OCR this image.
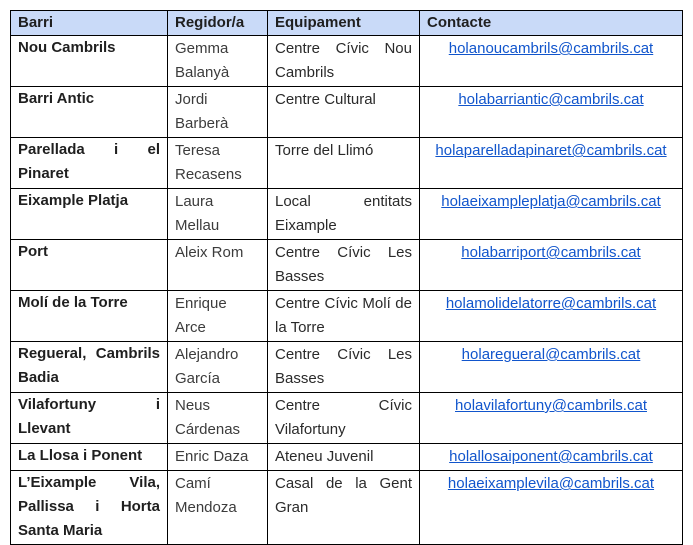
Barri	Regidor/a	Equipament	Contacte
Nou Cambrils	Gemma Balanyà	Centre Cívic Nou Cambrils	holanoucambrils@cambrils.cat
Barri Antic	Jordi Barberà	Centre Cultural	holabarriantic@cambrils.cat
Parellada i el Pinaret	Teresa Recasens	Torre del Llimó	holaparelladapinaret@cambrils.cat
Eixample Platja	Laura Mellau	Local entitats Eixample	holaeixampleplatja@cambrils.cat
Port	Aleix Rom	Centre Cívic Les Basses	holabarriport@cambrils.cat
Molí de la Torre	Enrique Arce	Centre Cívic Molí de la Torre	holamolidelatorre@cambrils.cat
Regueral, Cambrils Badia	Alejandro García	Centre Cívic Les Basses	holaregueral@cambrils.cat
Vilafortuny i Llevant	Neus Cárdenas	Centre Cívic Vilafortuny	holavilafortuny@cambrils.cat
La Llosa i Ponent	Enric Daza	Ateneu Juvenil	holallosaiponent@cambrils.cat
L’Eixample Vila, Pallissa i Horta Santa Maria	Camí Mendoza	Casal de la Gent Gran	holaeixamplevila@cambrils.cat
